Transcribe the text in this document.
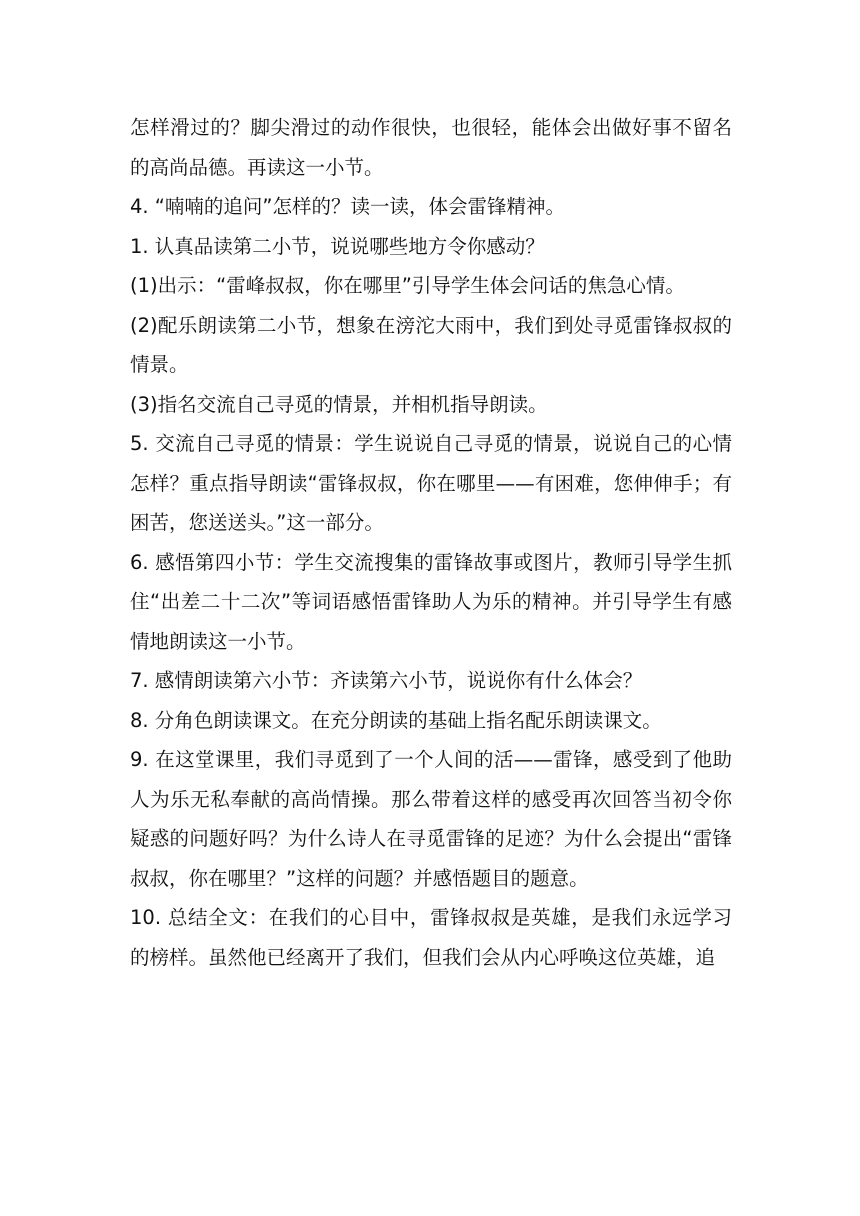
怎样滑过的？脚尖滑过的动作很快，也很轻，能体会出做好事不留名的高尚品德。再读这一小节。

4. “喃喃的追问”怎样的？读一读，体会雷锋精神。

1. 认真品读第二小节，说说哪些地方令你感动？

(1)出示：“雷峰叔叔，你在哪里”引导学生体会问话的焦急心情。

(2)配乐朗读第二小节，想象在滂沱大雨中，我们到处寻觅雷锋叔叔的情景。

(3)指名交流自己寻觅的情景，并相机指导朗读。

5. 交流自己寻觅的情景：学生说说自己寻觅的情景，说说自己的心情怎样？重点指导朗读“雷锋叔叔，你在哪里——有困难，您伸伸手；有困苦，您送送头。”这一部分。

6. 感悟第四小节：学生交流搜集的雷锋故事或图片，教师引导学生抓住“出差二十二次”等词语感悟雷锋助人为乐的精神。并引导学生有感情地朗读这一小节。

7. 感情朗读第六小节：齐读第六小节，说说你有什么体会？

8. 分角色朗读课文。在充分朗读的基础上指名配乐朗读课文。

9. 在这堂课里，我们寻觅到了一个人间的活——雷锋，感受到了他助人为乐无私奉献的高尚情操。那么带着这样的感受再次回答当初令你疑惑的问题好吗？为什么诗人在寻觅雷锋的足迹？为什么会提出“雷锋叔叔，你在哪里？”这样的问题？并感悟题目的题意。

10. 总结全文：在我们的心目中，雷锋叔叔是英雄，是我们永远学习的榜样。虽然他已经离开了我们，但我们会从内心呼唤这位英雄，追
